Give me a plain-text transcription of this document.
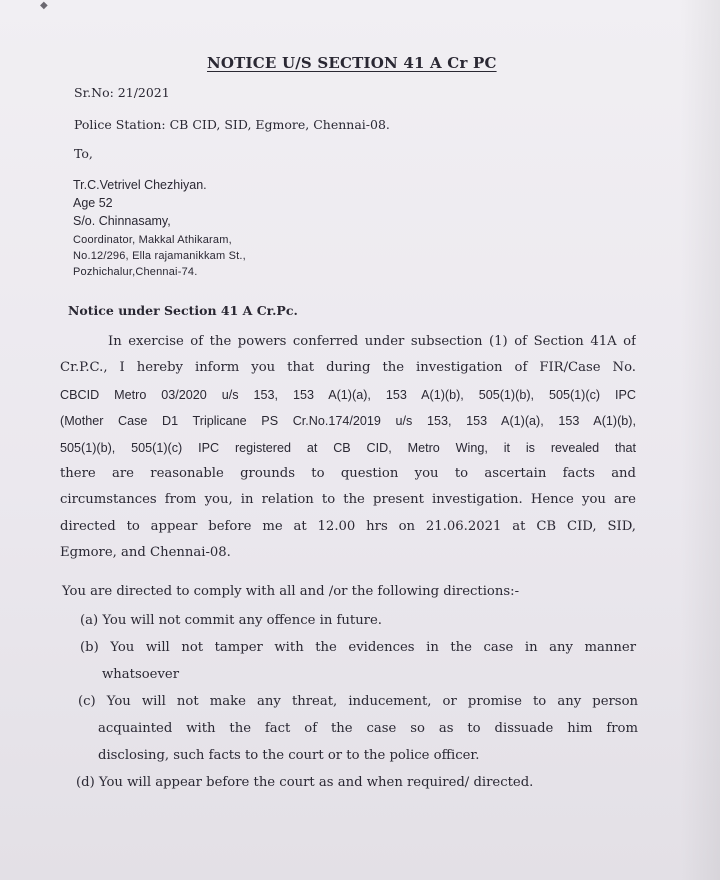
◆
NOTICE U/S SECTION 41 A Cr PC
Sr.No: 21/2021
Police Station: CB CID, SID, Egmore, Chennai-08.
To,
Tr.C.Vetrivel Chezhiyan.
Age 52
S/o. Chinnasamy,
Coordinator, Makkal Athikaram,
No.12/296, Ella rajamanikkam St.,
Pozhichalur,Chennai-74.
Notice under Section 41 A Cr.Pc.
In exercise of the powers conferred under subsection (1) of Section 41A of
Cr.P.C., I hereby inform you that during the investigation of FIR/Case No.
CBCID Metro 03/2020 u/s 153, 153 A(1)(a), 153 A(1)(b), 505(1)(b), 505(1)(c) IPC
(Mother Case D1 Triplicane PS Cr.No.174/2019 u/s 153, 153 A(1)(a), 153 A(1)(b),
505(1)(b), 505(1)(c) IPC registered at CB CID, Metro Wing, it is revealed that
there are reasonable grounds to question you to ascertain facts and
circumstances from you, in relation to the present investigation. Hence you are
directed to appear before me at 12.00 hrs on 21.06.2021 at CB CID, SID,
Egmore, and Chennai-08.
You are directed to comply with all and /or the following directions:-
(a) You will not commit any offence in future.
(b) You will not tamper with the evidences in the case in any manner
whatsoever
(c) You will not make any threat, inducement, or promise to any person
acquainted with the fact of the case so as to dissuade him from
disclosing, such facts to the court or to the police officer.
(d) You will appear before the court as and when required/ directed.
